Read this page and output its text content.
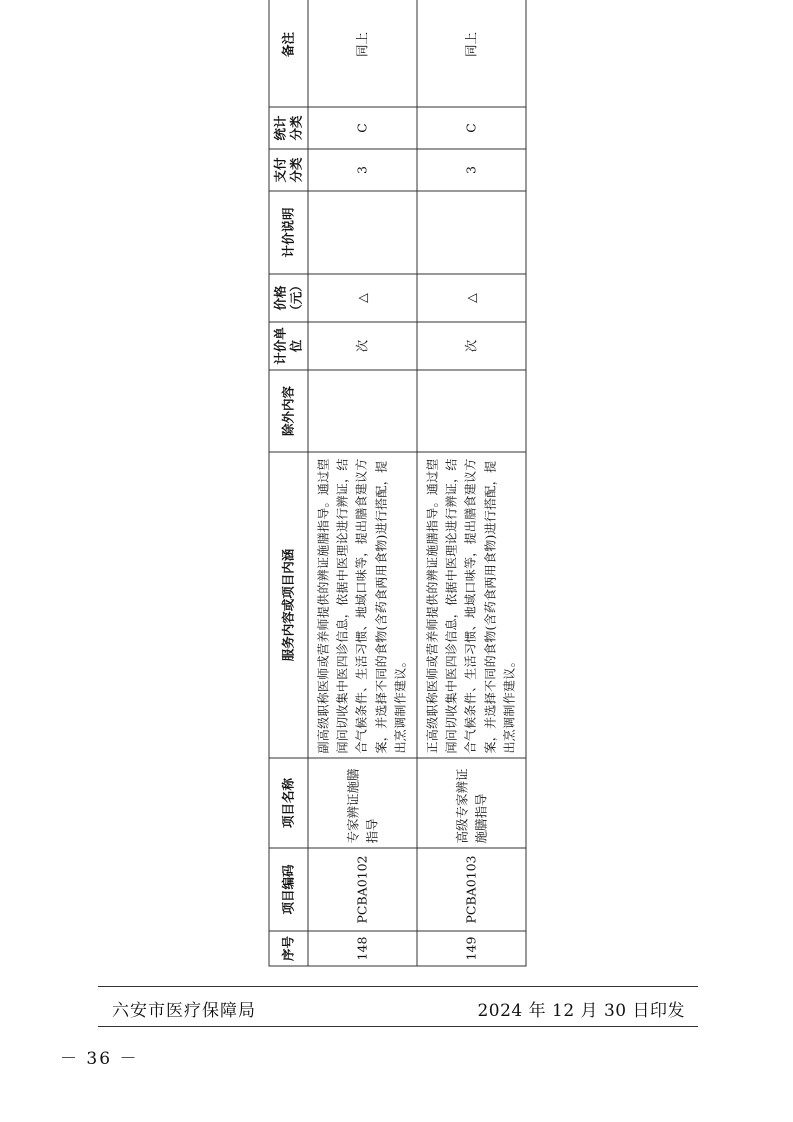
序号	项目编码	项目名称	服务内容或项目内涵	除外内容	计价单位	价格（元）	计价说明	支付分类	统计分类	备注
148	PCBA0102	专家辨证施膳指导	副高级职称医师或营养师提供的辨证施膳指导。通过望闻问切收集中医四诊信息，依据中医理论进行辨证，结合气候条件、生活习惯、地域口味等，提出膳食建议方案，并选择不同的食物(含药食两用食物)进行搭配，提出烹调制作建议。		次	△		3	C	同上
149	PCBA0103	高级专家辨证施膳指导	正高级职称医师或营养师提供的辨证施膳指导。通过望闻问切收集中医四诊信息，依据中医理论进行辨证，结合气候条件、生活习惯、地域口味等，提出膳食建议方案，并选择不同的食物(含药食两用食物)进行搭配，提出烹调制作建议。		次	△		3	C	同上
六安市医疗保障局	2024 年 12 月 30 日印发
－ 36 －
